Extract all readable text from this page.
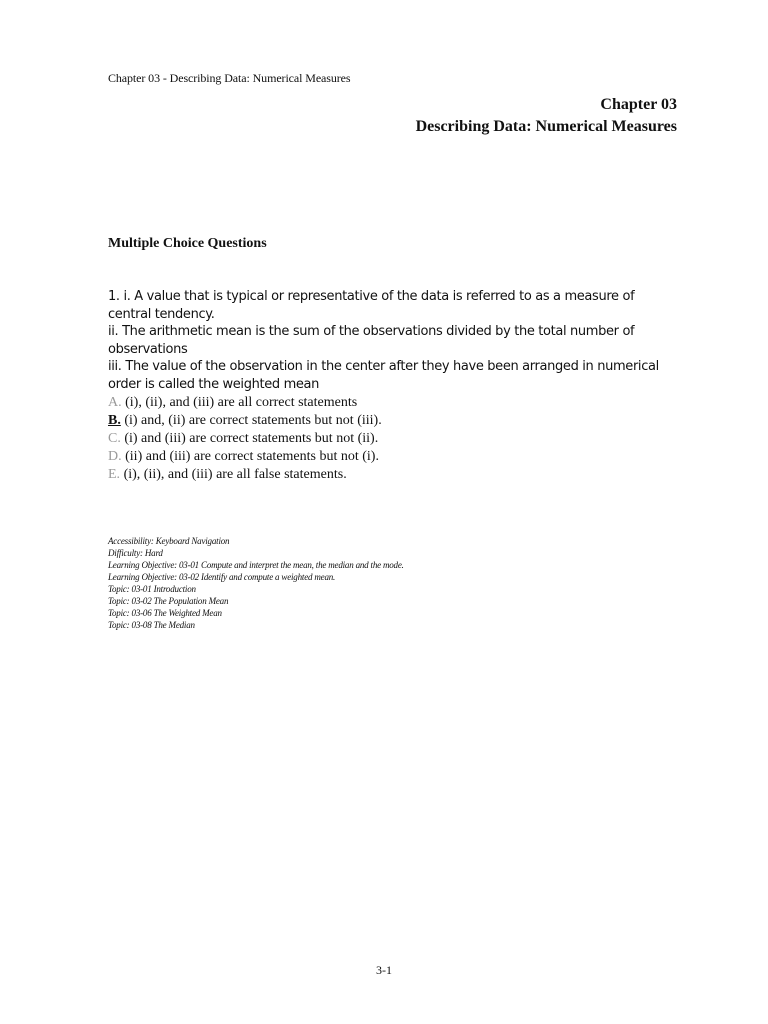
Chapter 03 - Describing Data: Numerical Measures
Chapter 03
Describing Data: Numerical Measures
Multiple Choice Questions

1. i. A value that is typical or representative of the data is referred to as a measure of central tendency.

ii. The arithmetic mean is the sum of the observations divided by the total number of observations

iii. The value of the observation in the center after they have been arranged in numerical order is called the weighted mean

A. (i), (ii), and (iii) are all correct statements
B. (i) and, (ii) are correct statements but not (iii).
C. (i) and (iii) are correct statements but not (ii).
D. (ii) and (iii) are correct statements but not (i).
E. (i), (ii), and (iii) are all false statements.
Accessibility: Keyboard Navigation
Difficulty: Hard
Learning Objective: 03-01 Compute and interpret the mean, the median and the mode.
Learning Objective: 03-02 Identify and compute a weighted mean.
Topic: 03-01 Introduction
Topic: 03-02 The Population Mean
Topic: 03-06 The Weighted Mean
Topic: 03-08 The Median
3-1
